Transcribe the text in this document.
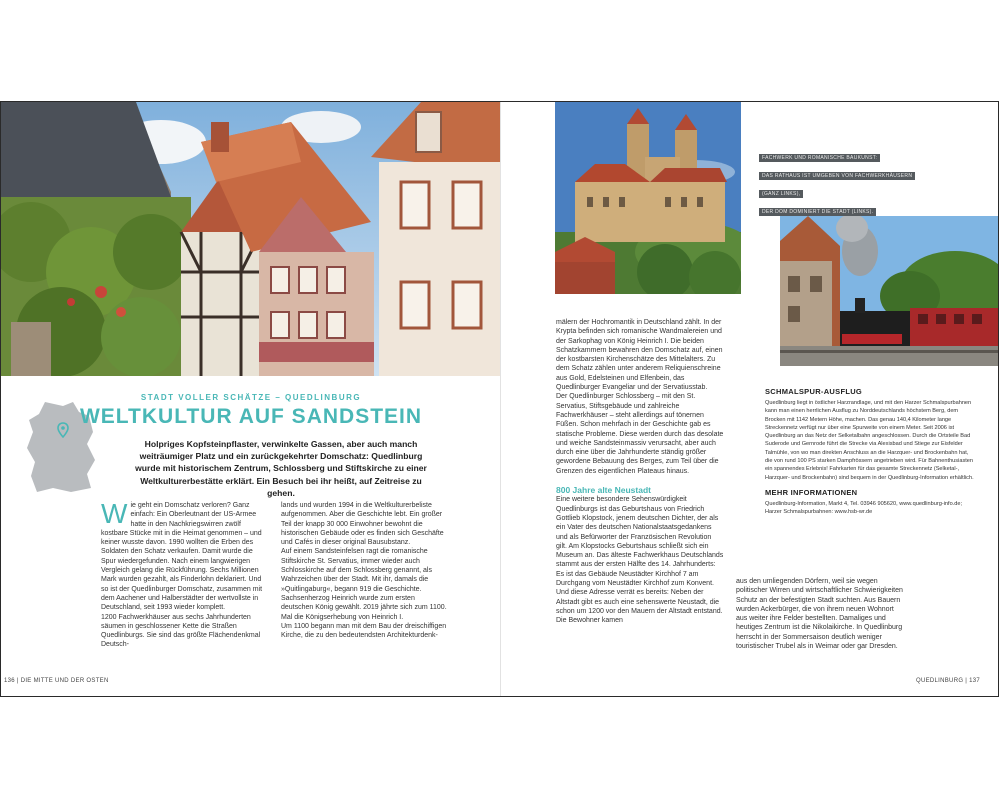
STADT VOLLER SCHÄTZE – QUEDLINBURG
WELTKULTUR AUF SANDSTEIN

Holpriges Kopfsteinpflaster, verwinkelte Gassen, aber auch manch weiträumiger Platz und ein zurückgekehrter Domschatz: Quedlinburg wurde mit historischem Zentrum, Schlossberg und Stiftskirche zu einer Weltkulturerbestätte erklärt. Ein Besuch bei ihr heißt, auf Zeitreise zu gehen.

W ie geht ein Domschatz verloren? Ganz einfach: Ein Oberleutnant der US-Armee hatte in den Nachkriegswirren zwölf kostbare Stücke mit in die Heimat genommen – und keiner wusste davon. 1990 wollten die Erben des Soldaten den Schatz verkaufen. Damit wurde die Spur wiedergefunden. Nach einem langwierigen Vergleich gelang die Rückführung. Sechs Millionen Mark wurden gezahlt, als Finderlohn deklariert. Und so ist der Quedlinburger Domschatz, zusammen mit dem Aachener und Halberstädter der wertvollste in Deutschland, seit 1993 wieder komplett.

1200 Fachwerkhäuser aus sechs Jahrhunderten säumen in geschlossener Kette die Straßen Quedlinburgs. Sie sind das größte Flächendenkmal Deutsch-

lands und wurden 1994 in die Weltkulturerbeliste aufgenommen. Aber die Geschichte lebt. Ein großer Teil der knapp 30 000 Einwohner bewohnt die historischen Gebäude oder es finden sich Geschäfte und Cafés in dieser original Bausubstanz.

Auf einem Sandsteinfelsen ragt die romanische Stiftskirche St. Servatius, immer wieder auch Schlosskirche auf dem Schlossberg genannt, als Wahrzeichen über der Stadt. Mit ihr, damals die »Quitlingaburg«, begann 919 die Geschichte. Sachsenherzog Heinrich wurde zum ersten deutschen König gewählt. 2019 jährte sich zum 1100. Mal die Königserhebung von Heinrich I.

Um 1100 begann man mit dem Bau der dreischiffigen Kirche, die zu den bedeutendsten Architekturdenk-

136 | DIE MITTE UND DER OSTEN
FACHWERK UND ROMANISCHE BAUKUNST:
DAS RATHAUS IST UMGEBEN VON FACHWERKHÄUSERN
(GANZ LINKS),
DER DOM DOMINIERT DIE STADT (LINKS).

mälern der Hochromantik in Deutschland zählt. In der Krypta befinden sich romanische Wandmalereien und der Sarkophag von König Heinrich I. Die beiden Schatzkammern bewahren den Domschatz auf, einen der kostbarsten Kirchenschätze des Mittelalters. Zu dem Schatz zählen unter anderem Reliquienschreine aus Gold, Edelsteinen und Elfenbein, das Quedlinburger Evangeliar und der Servatiusstab.

Der Quedlinburger Schlossberg – mit den St. Servatius, Stiftsgebäude und zahlreiche Fachwerkhäuser – steht allerdings auf tönernen Füßen. Schon mehrfach in der Geschichte gab es statische Probleme. Diese werden durch das desolate und weiche Sandsteinmassiv verursacht, aber auch durch eine über die Jahrhunderte ständig größer gewordene Bebauung des Berges, zum Teil über die Grenzen des eigentlichen Plateaus hinaus.

800 Jahre alte Neustadt

Eine weitere besondere Sehenswürdigkeit Quedlinburgs ist das Geburtshaus von Friedrich Gottlieb Klopstock, jenem deutschen Dichter, der als ein Vater des deutschen Nationalstaatsgedankens und als Befürworter der Französischen Revolution gilt. Am Klopstocks Geburtshaus schließt sich ein Museum an. Das älteste Fachwerkhaus Deutschlands stammt aus der ersten Hälfte des 14. Jahrhunderts: Es ist das Gebäude Neustädter Kirchhof 7 am Durchgang vom Neustädter Kirchhof zum Konvent. Und diese Adresse verrät es bereits: Neben der Altstadt gibt es auch eine sehenswerte Neustadt, die schon um 1200 vor den Mauern der Altstadt entstand. Die Bewohner kamen

SCHMALSPUR-AUSFLUG

Quedlinburg liegt in östlicher Harzrandlage, und mit den Harzer Schmalspurbahnen kann man einen herrlichen Ausflug zu Norddeutschlands höchstem Berg, dem Brocken mit 1142 Metern Höhe, machen. Das genau 140,4 Kilometer lange Streckennetz verfügt nur über eine Spurweite von einem Meter. Seit 2006 ist Quedlinburg an das Netz der Selketalbahn angeschlossen. Durch die Ortsteile Bad Suderode und Gernrode führt die Strecke via Alexisbad und Stiege zur Eisfelder Talmühle, von wo man direkten Anschluss an die Harzquer- und Brockenbahn hat, die von rund 100 PS starken Dampfrössern angetrieben wird. Für Bahnenthusiasten ein spannendes Erlebnis! Fahrkarten für das gesamte Streckennetz (Selketal-, Harzquer- und Brockenbahn) sind bequem in der Quedlinburg-Information erhältlich.

MEHR INFORMATIONEN

Quedlinburg-Information, Markt 4, Tel. 03946 905620, www.quedlinburg-info.de; Harzer Schmalspurbahnen: www.hsb-wr.de

aus den umliegenden Dörfern, weil sie wegen politischer Wirren und wirtschaftlicher Schwierigkeiten Schutz an der befestigten Stadt suchten. Aus Bauern wurden Ackerbürger, die von ihrem neuen Wohnort aus weiter ihre Felder bestellten. Damaliges und heutiges Zentrum ist die Nikolaikirche. In Quedlinburg herrscht in der Sommersaison deutlich weniger touristischer Trubel als in Weimar oder gar Dresden.

QUEDLINBURG | 137
